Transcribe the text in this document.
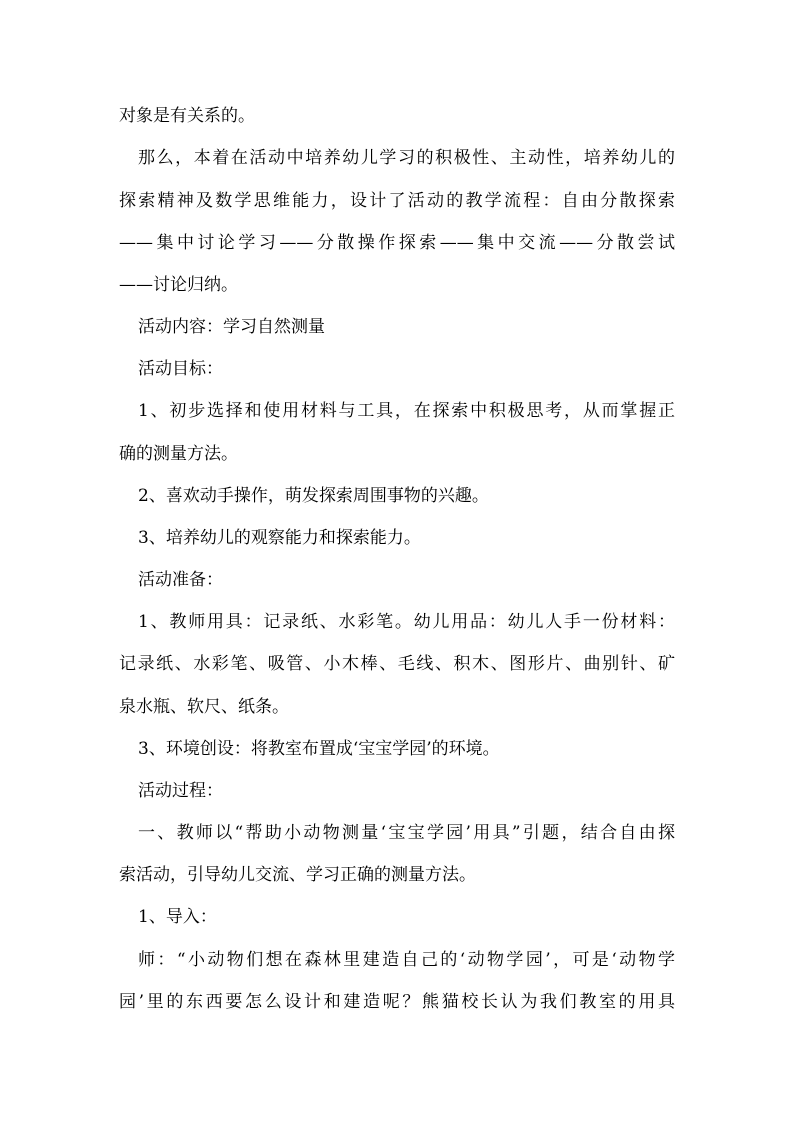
对象是有关系的。
那么，本着在活动中培养幼儿学习的积极性、主动性，培养幼儿的
探索精神及数学思维能力，设计了活动的教学流程：自由分散探索
——集中讨论学习——分散操作探索——集中交流——分散尝试
——讨论归纳。
活动内容：学习自然测量
活动目标：
1、初步选择和使用材料与工具，在探索中积极思考，从而掌握正
确的测量方法。
2、喜欢动手操作，萌发探索周围事物的兴趣。
3、培养幼儿的观察能力和探索能力。
活动准备：
1、教师用具：记录纸、水彩笔。幼儿用品：幼儿人手一份材料：
记录纸、水彩笔、吸管、小木棒、毛线、积木、图形片、曲别针、矿
泉水瓶、软尺、纸条。
3、环境创设：将教室布置成‘宝宝学园’的环境。
活动过程：
一、教师以“帮助小动物测量‘宝宝学园’用具”引题，结合自由探
索活动，引导幼儿交流、学习正确的测量方法。
1、导入：
师：“小动物们想在森林里建造自己的‘动物学园’，可是‘动物学
园’里的东西要怎么设计和建造呢？熊猫校长认为我们教室的用具
